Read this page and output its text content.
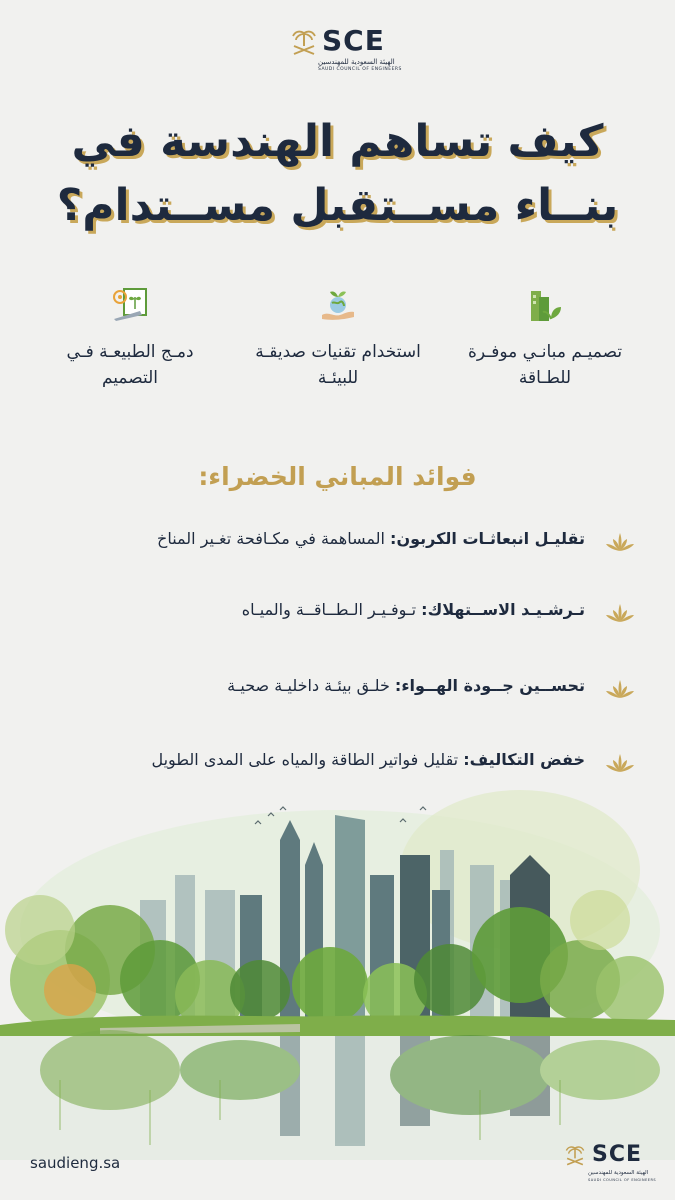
SCE
الهيئة السعودية للمهندسين
SAUDI COUNCIL OF ENGINEERS
كيف تساهم الهندسة في
بنــاء مســتقبل مســتدام؟
تصميـم مبانـي موفـرة للطـاقة
استخدام تقنيات صديقـة للبيئـة
دمـج الطبيعـة فـي التصميم
فوائد المباني الخضراء:
تقليـل انبعاثـات الكربون: المساهمة في مكـافحة تغـير المناخ
تـرشـيـد الاســتهلاك: تـوفـيـر الـطــاقــة والميـاه
تحســين جــودة الهــواء: خلـق بيئـة داخليـة صحيـة
خفض التكاليف: تقليل فواتير الطاقة والمياه على المدى الطويل
saudieng.sa	SCE
الهيئة السعودية للمهندسين
SAUDI COUNCIL OF ENGINEERS
